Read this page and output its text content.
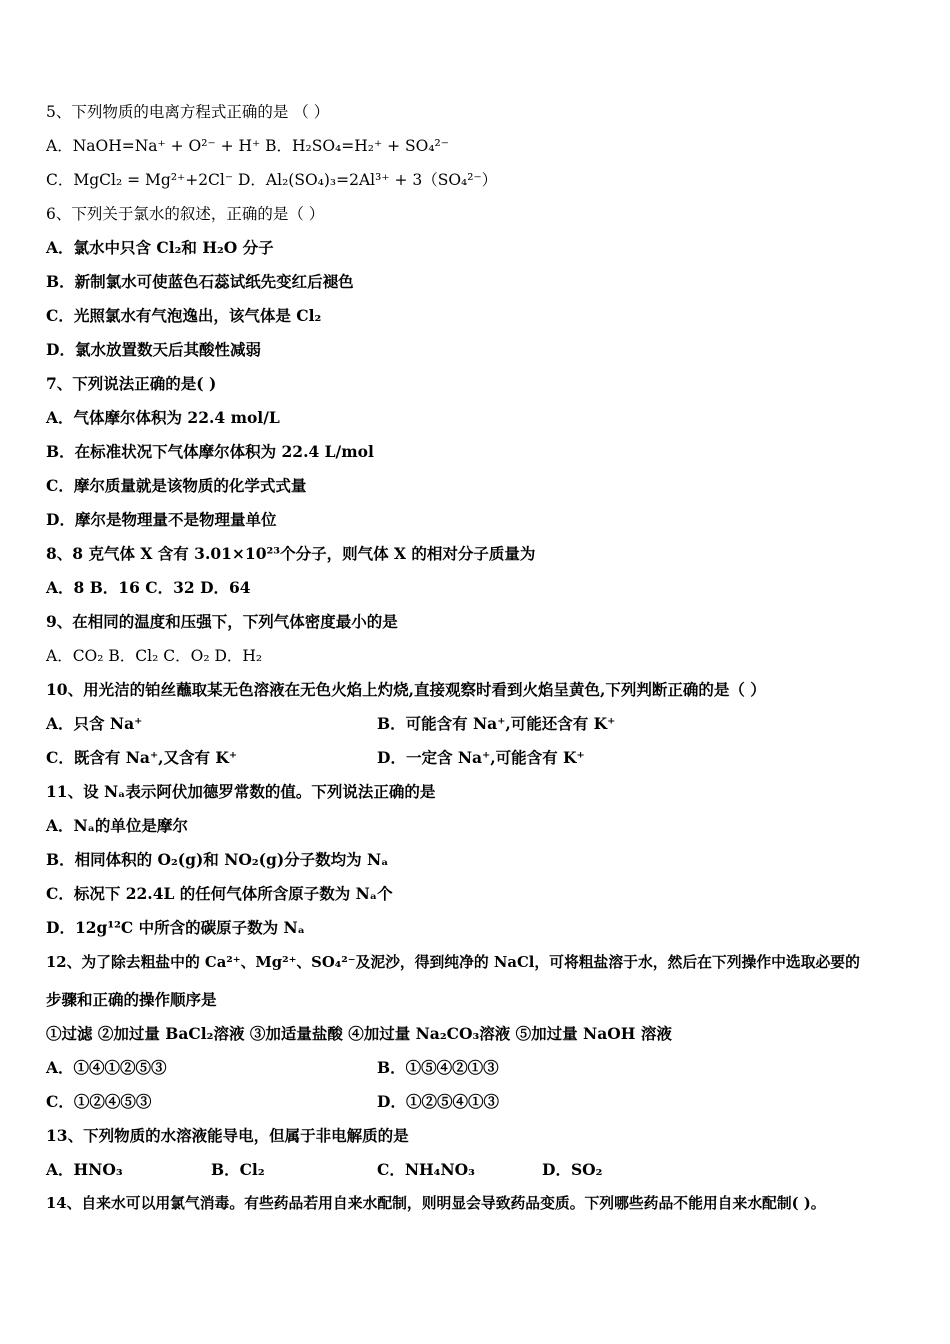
5、下列物质的电离方程式正确的是 （ ）
A．NaOH=Na⁺ + O²⁻ + H⁺ B．H₂SO₄=H₂⁺ + SO₄²⁻
C．MgCl₂ = Mg²⁺+2Cl⁻ D．Al₂(SO₄)₃=2Al³⁺ + 3（SO₄²⁻）
6、下列关于氯水的叙述，正确的是（ ）
A．氯水中只含 Cl₂和 H₂O 分子
B．新制氯水可使蓝色石蕊试纸先变红后褪色
C．光照氯水有气泡逸出，该气体是 Cl₂
D．氯水放置数天后其酸性减弱
7、下列说法正确的是( )
A．气体摩尔体积为 22.4 mol/L
B．在标准状况下气体摩尔体积为 22.4 L/mol
C．摩尔质量就是该物质的化学式式量
D．摩尔是物理量不是物理量单位
8、8 克气体 X 含有 3.01×10²³个分子，则气体 X 的相对分子质量为
A．8 B．16 C．32 D．64
9、在相同的温度和压强下，下列气体密度最小的是
A．CO₂ B．Cl₂ C．O₂ D．H₂
10、用光洁的铂丝蘸取某无色溶液在无色火焰上灼烧,直接观察时看到火焰呈黄色,下列判断正确的是（ ）
A．只含 Na⁺	B．可能含有 Na⁺,可能还含有 K⁺
C．既含有 Na⁺,又含有 K⁺	D．一定含 Na⁺,可能含有 K⁺
11、设 Nₐ表示阿伏加德罗常数的值。下列说法正确的是
A．Nₐ的单位是摩尔
B．相同体积的 O₂(g)和 NO₂(g)分子数均为 Nₐ
C．标况下 22.4L 的任何气体所含原子数为 Nₐ个
D．12g¹²C 中所含的碳原子数为 Nₐ
12、为了除去粗盐中的 Ca²⁺、Mg²⁺、SO₄²⁻及泥沙，得到纯净的 NaCl，可将粗盐溶于水，然后在下列操作中选取必要的
步骤和正确的操作顺序是
①过滤 ②加过量 BaCl₂溶液 ③加适量盐酸 ④加过量 Na₂CO₃溶液 ⑤加过量 NaOH 溶液
A．①④①②⑤③	B．①⑤④②①③
C．①②④⑤③	D．①②⑤④①③
13、下列物质的水溶液能导电，但属于非电解质的是
A．HNO₃	B．Cl₂	C．NH₄NO₃	D．SO₂
14、自来水可以用氯气消毒。有些药品若用自来水配制，则明显会导致药品变质。下列哪些药品不能用自来水配制( )。
